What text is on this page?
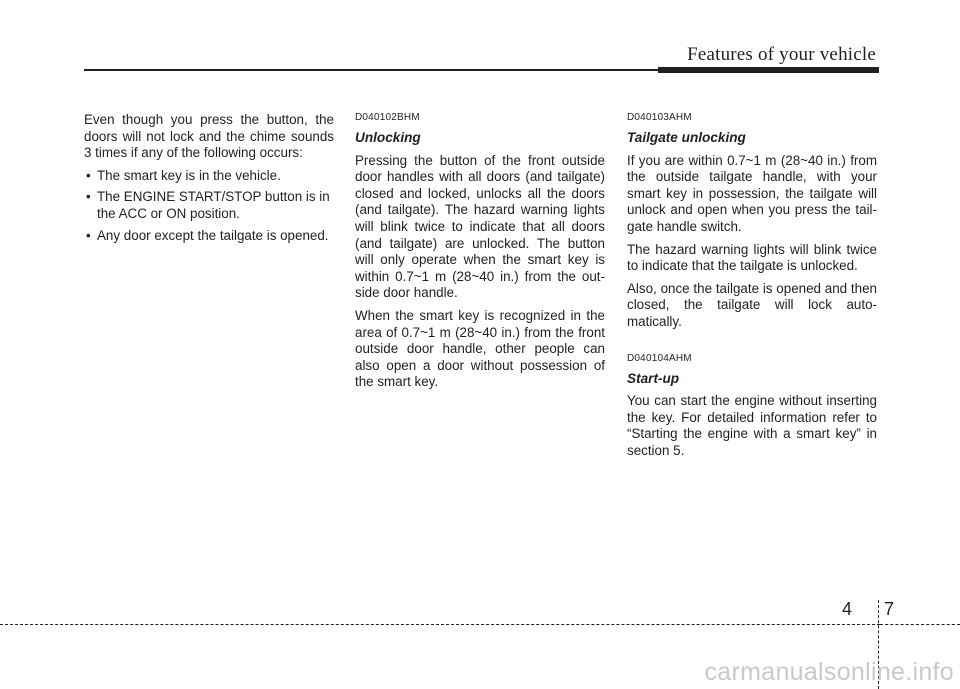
Features of your vehicle

Even though you press the button, the doors will not lock and the chime sounds 3 times if any of the following occurs:

• The smart key is in the vehicle.
• The ENGINE START/STOP button is in the ACC or ON position.
• Any door except the tailgate is opened.

D040102BHM

Unlocking

Pressing the button of the front outside door handles with all doors (and tailgate) closed and locked, unlocks all the doors (and tailgate). The hazard warning lights will blink twice to indicate that all doors (and tailgate) are unlocked. The button will only operate when the smart key is within 0.7~1 m (28~40 in.) from the out-side door handle.

When the smart key is recognized in the area of 0.7~1 m (28~40 in.) from the front outside door handle, other people can also open a door without possession of the smart key.

D040103AHM

Tailgate unlocking

If you are within 0.7~1 m (28~40 in.) from the outside tailgate handle, with your smart key in possession, the tailgate will unlock and open when you press the tail-gate handle switch.

The hazard warning lights will blink twice to indicate that the tailgate is unlocked.

Also, once the tailgate is opened and then closed, the tailgate will lock auto-matically.

D040104AHM

Start-up

You can start the engine without inserting the key. For detailed information refer to “Starting the engine with a smart key” in section 5.

4 7
carmanualsonline.info
